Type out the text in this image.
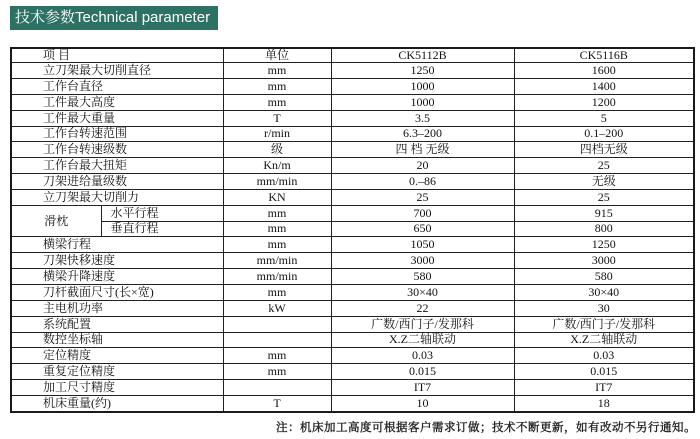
技术参数Technical parameter
项 目		单位	CK5112B	CK5116B
立刀架最大切削直径		mm	1250	1600
工作台直径		mm	1000	1400
工件最大高度		mm	1000	1200
工件最大重量		T	3.5	5
工作台转速范围		r/min	6.3–200	0.1–200
工作台转速级数		级	四 档 无级	四档无级
工作台最大扭矩		Kn/m	20	25
刀架进给量级数		mm/min	0.–86	无级
立刀架最大切削力		KN	25	25
滑枕	水平行程	mm	700	915
	垂直行程	mm	650	800
横梁行程		mm	1050	1250
刀架快移速度		mm/min	3000	3000
横梁升降速度		mm/min	580	580
刀杆截面尺寸(长×宽)		mm	30×40	30×40
主电机功率		kW	22	30
系统配置			广数/西门子/发那科	广数/西门子/发那科
数控坐标轴			X.Z二轴联动	X.Z二轴联动
定位精度		mm	0.03	0.03
重复定位精度		mm	0.015	0.015
加工尺寸精度			IT7	IT7
机床重量(约)		T	10	18
注：机床加工高度可根据客户需求订做；技术不断更新，如有改动不另行通知。
